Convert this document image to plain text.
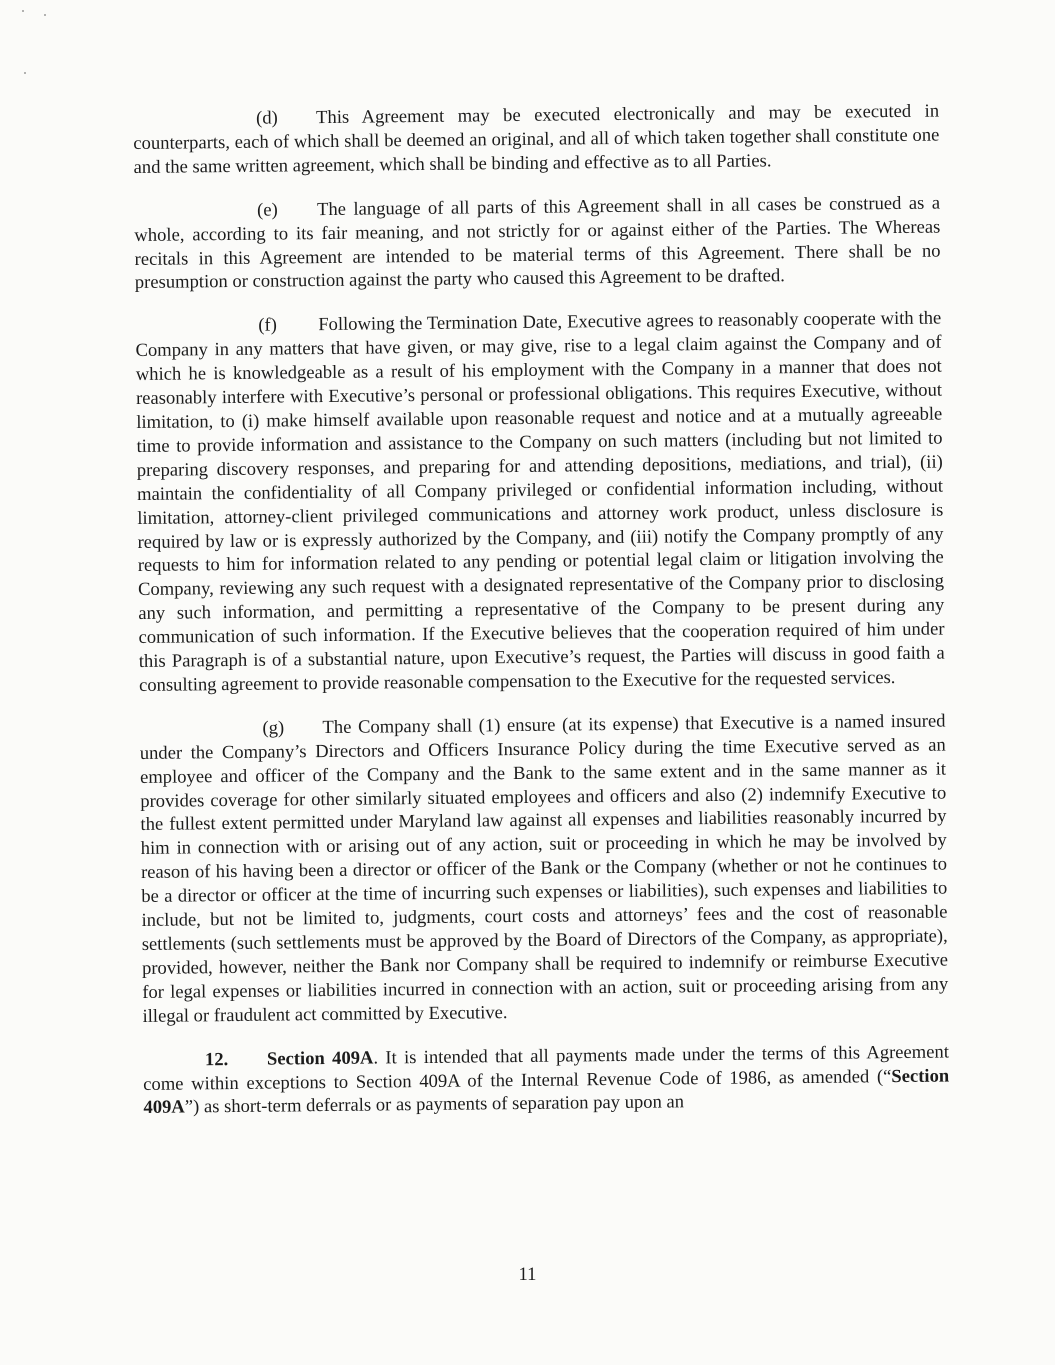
(d) This Agreement may be executed electronically and may be executed in counterparts, each of which shall be deemed an original, and all of which taken together shall constitute one and the same written agreement, which shall be binding and effective as to all Parties.

(e) The language of all parts of this Agreement shall in all cases be construed as a whole, according to its fair meaning, and not strictly for or against either of the Parties. The Whereas recitals in this Agreement are intended to be material terms of this Agreement. There shall be no presumption or construction against the party who caused this Agreement to be drafted.

(f) Following the Termination Date, Executive agrees to reasonably cooperate with the Company in any matters that have given, or may give, rise to a legal claim against the Company and of which he is knowledgeable as a result of his employment with the Company in a manner that does not reasonably interfere with Executive’s personal or professional obligations. This requires Executive, without limitation, to (i) make himself available upon reasonable request and notice and at a mutually agreeable time to provide information and assistance to the Company on such matters (including but not limited to preparing discovery responses, and preparing for and attending depositions, mediations, and trial), (ii) maintain the confidentiality of all Company privileged or confidential information including, without limitation, attorney-client privileged communications and attorney work product, unless disclosure is required by law or is expressly authorized by the Company, and (iii) notify the Company promptly of any requests to him for information related to any pending or potential legal claim or litigation involving the Company, reviewing any such request with a designated representative of the Company prior to disclosing any such information, and permitting a representative of the Company to be present during any communication of such information. If the Executive believes that the cooperation required of him under this Paragraph is of a substantial nature, upon Executive’s request, the Parties will discuss in good faith a consulting agreement to provide reasonable compensation to the Executive for the requested services.

(g) The Company shall (1) ensure (at its expense) that Executive is a named insured under the Company’s Directors and Officers Insurance Policy during the time Executive served as an employee and officer of the Company and the Bank to the same extent and in the same manner as it provides coverage for other similarly situated employees and officers and also (2) indemnify Executive to the fullest extent permitted under Maryland law against all expenses and liabilities reasonably incurred by him in connection with or arising out of any action, suit or proceeding in which he may be involved by reason of his having been a director or officer of the Bank or the Company (whether or not he continues to be a director or officer at the time of incurring such expenses or liabilities), such expenses and liabilities to include, but not be limited to, judgments, court costs and attorneys’ fees and the cost of reasonable settlements (such settlements must be approved by the Board of Directors of the Company, as appropriate), provided, however, neither the Bank nor Company shall be required to indemnify or reimburse Executive for legal expenses or liabilities incurred in connection with an action, suit or proceeding arising from any illegal or fraudulent act committed by Executive.

12. Section 409A. It is intended that all payments made under the terms of this Agreement come within exceptions to Section 409A of the Internal Revenue Code of 1986, as amended (“Section 409A”) as short-term deferrals or as payments of separation pay upon an

11
